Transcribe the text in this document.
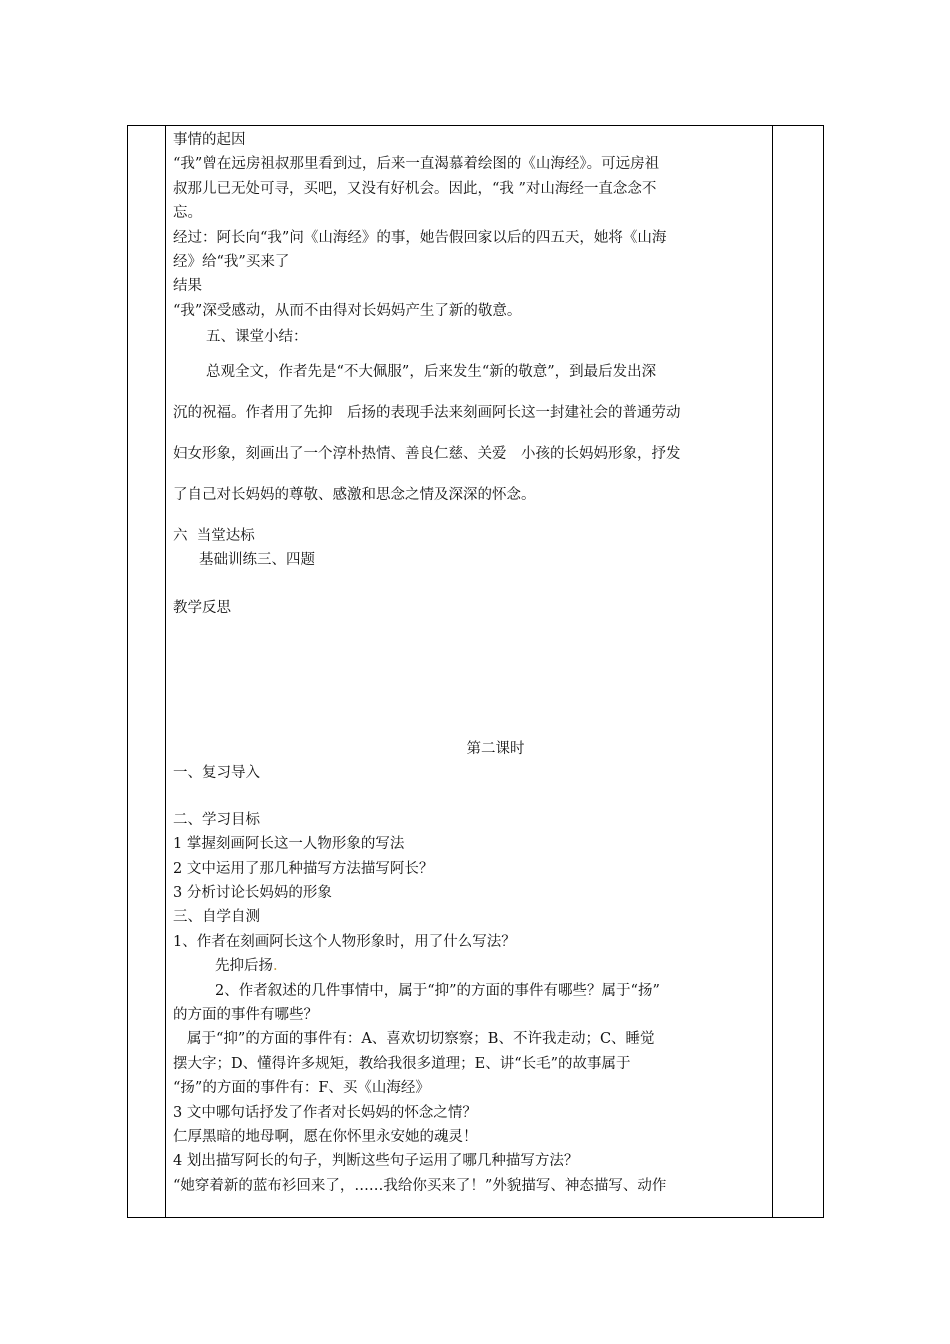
事情的起因

“我”曾在远房祖叔那里看到过，后来一直渴慕着绘图的《山海经》。可远房祖

叔那儿已无处可寻，买吧，又没有好机会。因此，“我 ”对山海经一直念念不

忘。

经过：阿长向“我”问《山海经》的事，她告假回家以后的四五天，她将《山海

经》给“我”买来了

结果

“我”深受感动，从而不由得对长妈妈产生了新的敬意。

五、课堂小结：

总观全文，作者先是“不大佩服”，后来发生“新的敬意”，到最后发出深

沉的祝福。作者用了先抑　后扬的表现手法来刻画阿长这一封建社会的普通劳动

妇女形象，刻画出了一个淳朴热情、善良仁慈、关爱　小孩的长妈妈形象，抒发

了自己对长妈妈的尊敬、感激和思念之情及深深的怀念。

六  当堂达标

基础训练三、四题

教学反思

第二课时

一、复习导入

二、学习目标

1 掌握刻画阿长这一人物形象的写法

2 文中运用了那几种描写方法描写阿长？

3 分析讨论长妈妈的形象

三、自学自测

1、作者在刻画阿长这个人物形象时，用了什么写法？

先抑后扬.

2、作者叙述的几件事情中，属于“抑”的方面的事件有哪些？属于“扬”

的方面的事件有哪些？

属于“抑”的方面的事件有：A、喜欢切切察察；B、不许我走动；C、睡觉

摆大字；D、懂得许多规矩，教给我很多道理；E、讲“长毛”的故事属于

“扬”的方面的事件有：F、买《山海经》

3 文中哪句话抒发了作者对长妈妈的怀念之情？

仁厚黑暗的地母啊，愿在你怀里永安她的魂灵！

4 划出描写阿长的句子，判断这些句子运用了哪几种描写方法？

“她穿着新的蓝布衫回来了，……我给你买来了！”外貌描写、神态描写、动作
